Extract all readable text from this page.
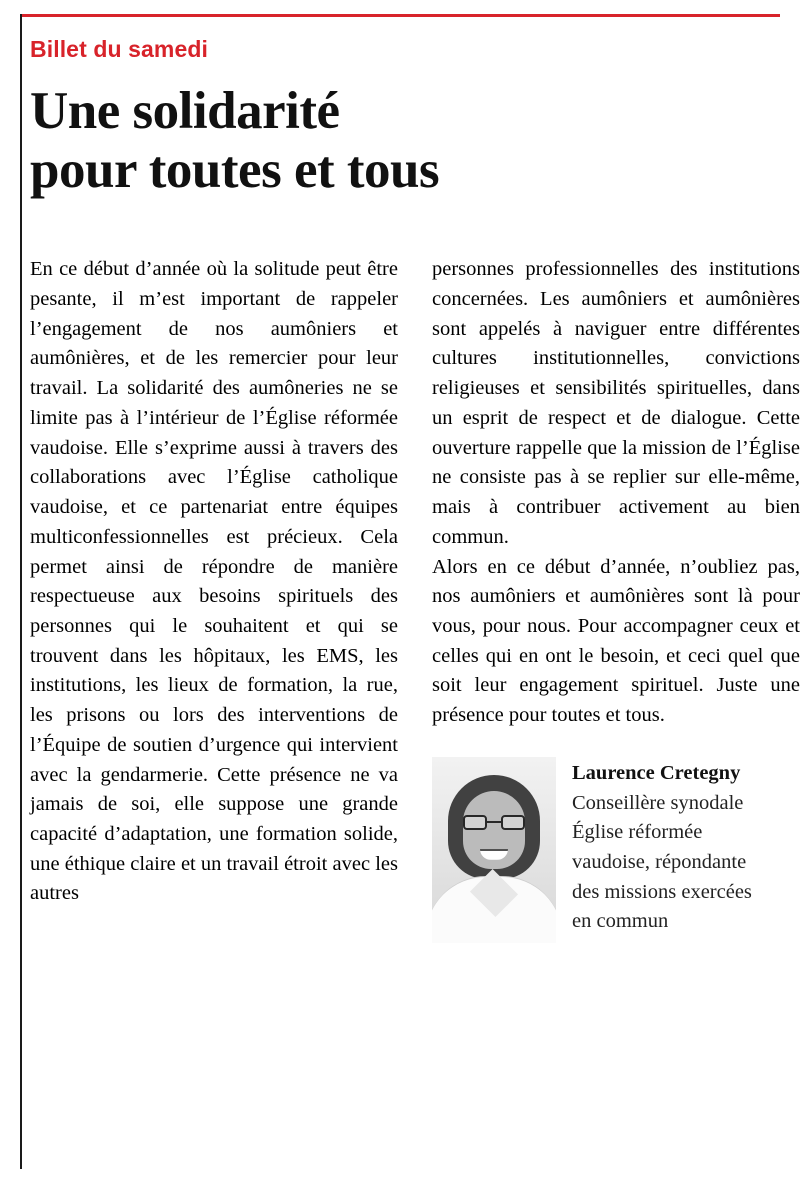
Billet du samedi
Une solidarité
pour toutes et tous

En ce début d’année où la solitude peut être pesante, il m’est important de rappeler l’engagement de nos aumôniers et aumônières, et de les remercier pour leur travail. La solidarité des aumôneries ne se limite pas à l’intérieur de l’Église réformée vaudoise. Elle s’exprime aussi à travers des collaborations avec l’Église catholique vaudoise, et ce partenariat entre équipes multiconfessionnelles est précieux. Cela permet ainsi de répondre de manière respectueuse aux besoins spirituels des personnes qui le souhaitent et qui se trouvent dans les hôpitaux, les EMS, les institutions, les lieux de formation, la rue, les prisons ou lors des interventions de l’Équipe de soutien d’urgence qui intervient avec la gendarmerie. Cette présence ne va jamais de soi, elle suppose une grande capacité d’adaptation, une formation solide, une éthique claire et un travail étroit avec les autres

personnes professionnelles des institutions concernées. Les aumôniers et aumônières sont appelés à naviguer entre différentes cultures institutionnelles, convictions religieuses et sensibilités spirituelles, dans un esprit de respect et de dialogue. Cette ouverture rappelle que la mission de l’Église ne consiste pas à se replier sur elle-même, mais à contribuer activement au bien commun.

Alors en ce début d’année, n’oubliez pas, nos aumôniers et aumônières sont là pour vous, pour nous. Pour accompagner ceux et celles qui en ont le besoin, et ceci quel que soit leur engagement spirituel. Juste une présence pour toutes et tous.

Laurence Cretegny

Conseillère synodale

Église réformée

vaudoise, répondante

des missions exercées

en commun
